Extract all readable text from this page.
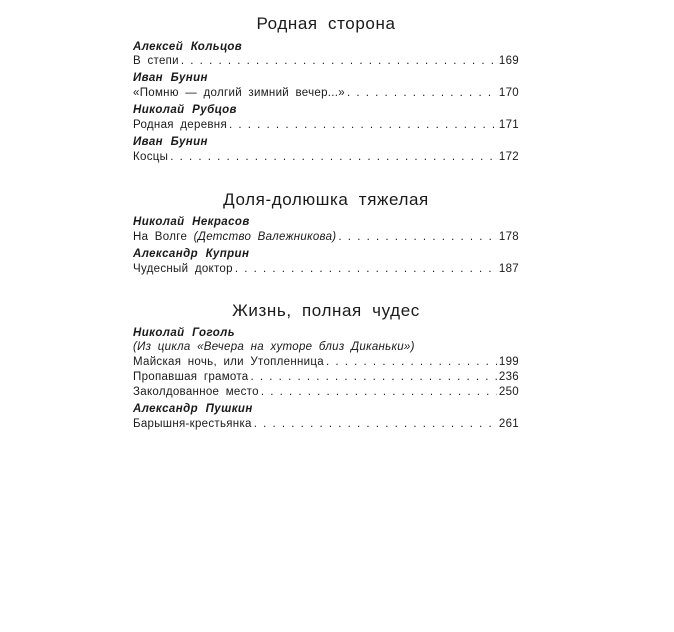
Родная сторона
Алексей Кольцов
В степи . . .	169
Иван Бунин
«Помню — долгий зимний вечер...» . . .	170
Николай Рубцов
Родная деревня . . .	171
Иван Бунин
Косцы . . .	172
Доля-долюшка тяжелая
Николай Некрасов
На Волге (Детство Валежникова) . . .	178
Александр Куприн
Чудесный доктор . . .	187
Жизнь, полная чудес
Николай Гоголь
(Из цикла «Вечера на хуторе близ Диканьки»)
Майская ночь, или Утопленница . . .	199
Пропавшая грамота . . .	236
Заколдованное место . . .	250
Александр Пушкин
Барышня-крестьянка . . .	261
